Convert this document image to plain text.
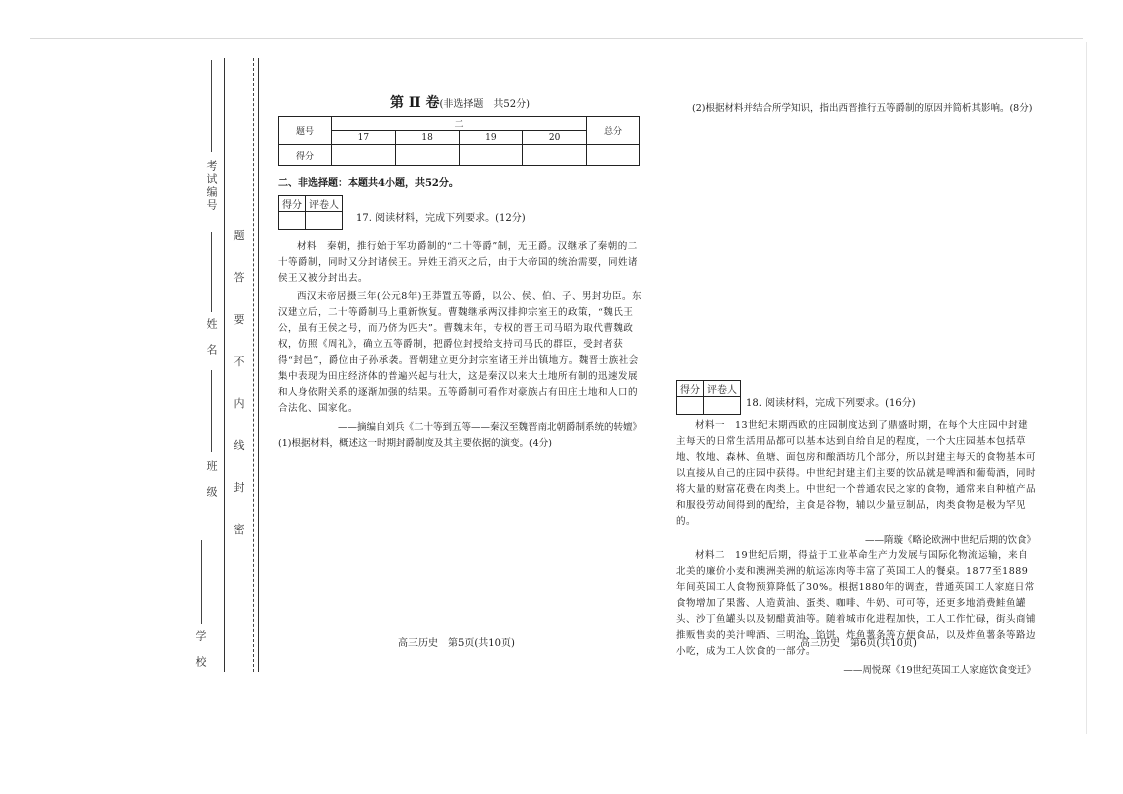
考试编号
姓　名
班　级
学　校
题
答
要
不
内
线
封
密
第 Ⅱ 卷(非选择题　共52分)
题号	二				总分
	17	18	19	20	
得分					
二、非选择题：本题共4小题，共52分。
得分	评卷人

17. 阅读材料，完成下列要求。(12分)

材料　秦朝，推行始于军功爵制的“二十等爵”制，无王爵。汉继承了秦朝的二十等爵制，同时又分封诸侯王。异姓王消灭之后，由于大帝国的统治需要，同姓诸侯王又被分封出去。

西汉末帝居摄三年(公元8年)王莽置五等爵，以公、侯、伯、子、男封功臣。东汉建立后，二十等爵制马上重新恢复。曹魏继承两汉排抑宗室王的政策，“魏氏王公，虽有王侯之号，而乃侪为匹夫”。曹魏末年，专权的晋王司马昭为取代曹魏政权，仿照《周礼》，确立五等爵制，把爵位封授给支持司马氏的群臣，受封者获得“封邑”，爵位由子孙承袭。晋朝建立更分封宗室诸王并出镇地方。魏晋士族社会集中表现为田庄经济体的普遍兴起与壮大，这是秦汉以来大土地所有制的迅速发展和人身依附关系的逐渐加强的结果。五等爵制可看作对豪族占有田庄土地和人口的合法化、国家化。

——摘编自刘兵《二十等到五等——秦汉至魏晋南北朝爵制系统的转嬗》
(1)根据材料，概述这一时期封爵制度及其主要依据的演变。(4分)
高三历史　第5页(共10页)
(2)根据材料并结合所学知识，指出西晋推行五等爵制的原因并简析其影响。(8分)
得分	评卷人

18. 阅读材料，完成下列要求。(16分)

材料一　13世纪末期西欧的庄园制度达到了鼎盛时期，在每个大庄园中封建主每天的日常生活用品都可以基本达到自给自足的程度，一个大庄园基本包括草地、牧地、森林、鱼塘、面包房和酿酒坊几个部分，所以封建主每天的食物基本可以直接从自己的庄园中获得。中世纪封建主们主要的饮品就是啤酒和葡萄酒，同时将大量的财富花费在肉类上。中世纪一个普通农民之家的食物，通常来自种植产品和服役劳动间得到的配给，主食是谷物，辅以少量豆制品，肉类食物是极为罕见的。

——隋璇《略论欧洲中世纪后期的饮食》

材料二　19世纪后期，得益于工业革命生产力发展与国际化物流运输，来自北美的廉价小麦和澳洲美洲的航运冻肉等丰富了英国工人的餐桌。1877至1889年间英国工人食物预算降低了30%。根据1880年的调查，普通英国工人家庭日常食物增加了果酱、人造黄油、蛋类、咖啡、牛奶、可可等，还更多地消费鲑鱼罐头、沙丁鱼罐头以及韧醋黄油等。随着城市化进程加快，工人工作忙碌，街头商铺推贩售卖的美汁啤酒、三明治、馅饼、炸鱼薯条等方便食品，以及炸鱼薯条等路边小吃，成为工人饮食的一部分。

——周悦琛《19世纪英国工人家庭饮食变迁》
高三历史　第6页(共10页)
